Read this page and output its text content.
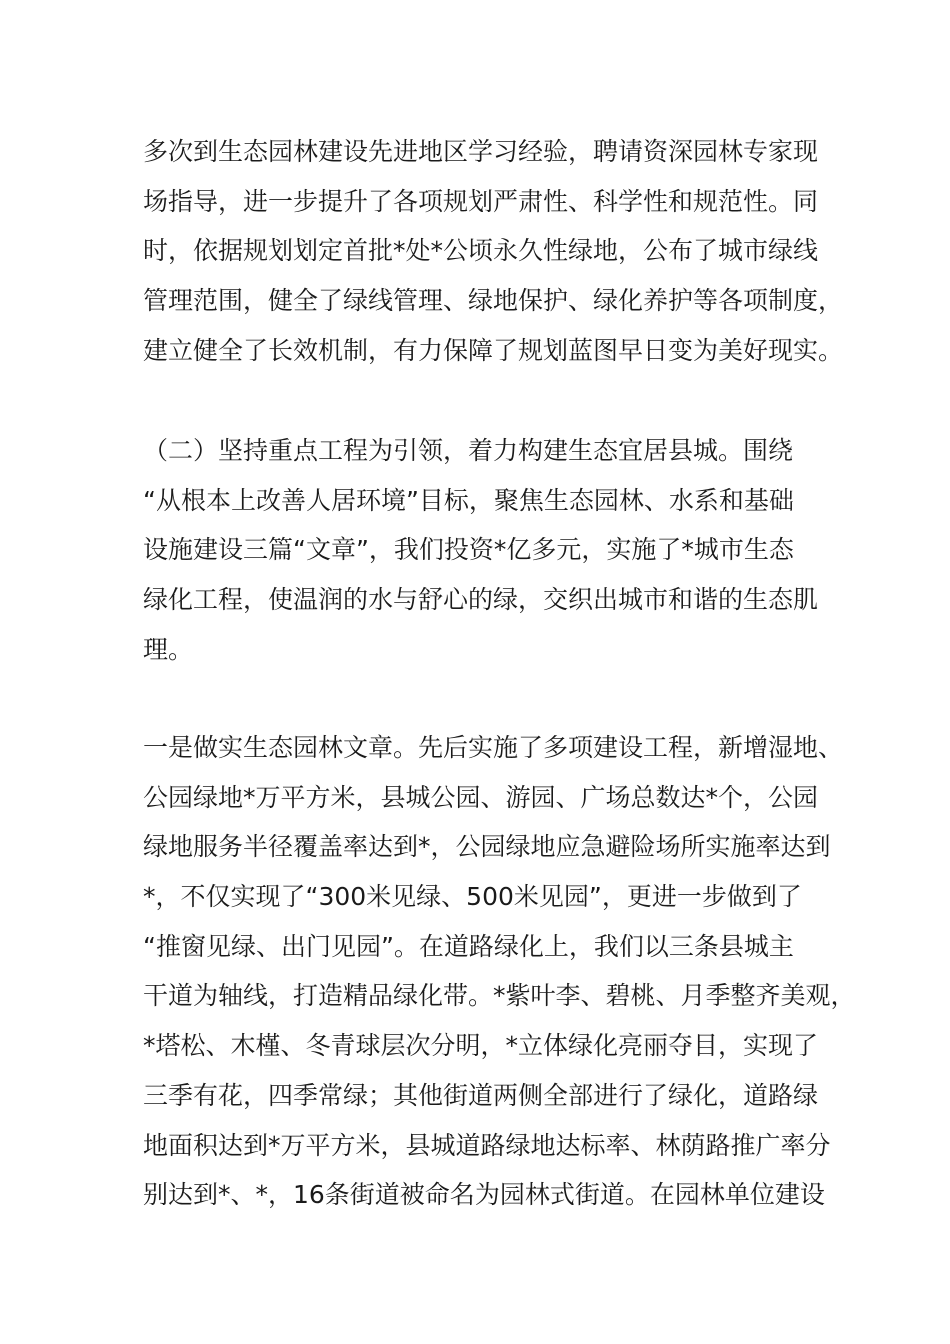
多次到生态园林建设先进地区学习经验，聘请资深园林专家现
场指导，进一步提升了各项规划严肃性、科学性和规范性。同
时，依据规划划定首批*处*公顷永久性绿地，公布了城市绿线
管理范围，健全了绿线管理、绿地保护、绿化养护等各项制度，
建立健全了长效机制，有力保障了规划蓝图早日变为美好现实。

（二）坚持重点工程为引领，着力构建生态宜居县城。围绕
“从根本上改善人居环境”目标，聚焦生态园林、水系和基础
设施建设三篇“文章”，我们投资*亿多元，实施了*城市生态
绿化工程，使温润的水与舒心的绿，交织出城市和谐的生态肌
理。

一是做实生态园林文章。先后实施了多项建设工程，新增湿地、
公园绿地*万平方米，县城公园、游园、广场总数达*个，公园
绿地服务半径覆盖率达到*，公园绿地应急避险场所实施率达到
*，不仅实现了“300米见绿、500米见园”，更进一步做到了
“推窗见绿、出门见园”。在道路绿化上，我们以三条县城主
干道为轴线，打造精品绿化带。*紫叶李、碧桃、月季整齐美观，
*塔松、木槿、冬青球层次分明，*立体绿化亮丽夺目，实现了
三季有花，四季常绿；其他街道两侧全部进行了绿化，道路绿
地面积达到*万平方米，县城道路绿地达标率、林荫路推广率分
别达到*、*，16条街道被命名为园林式街道。在园林单位建设
